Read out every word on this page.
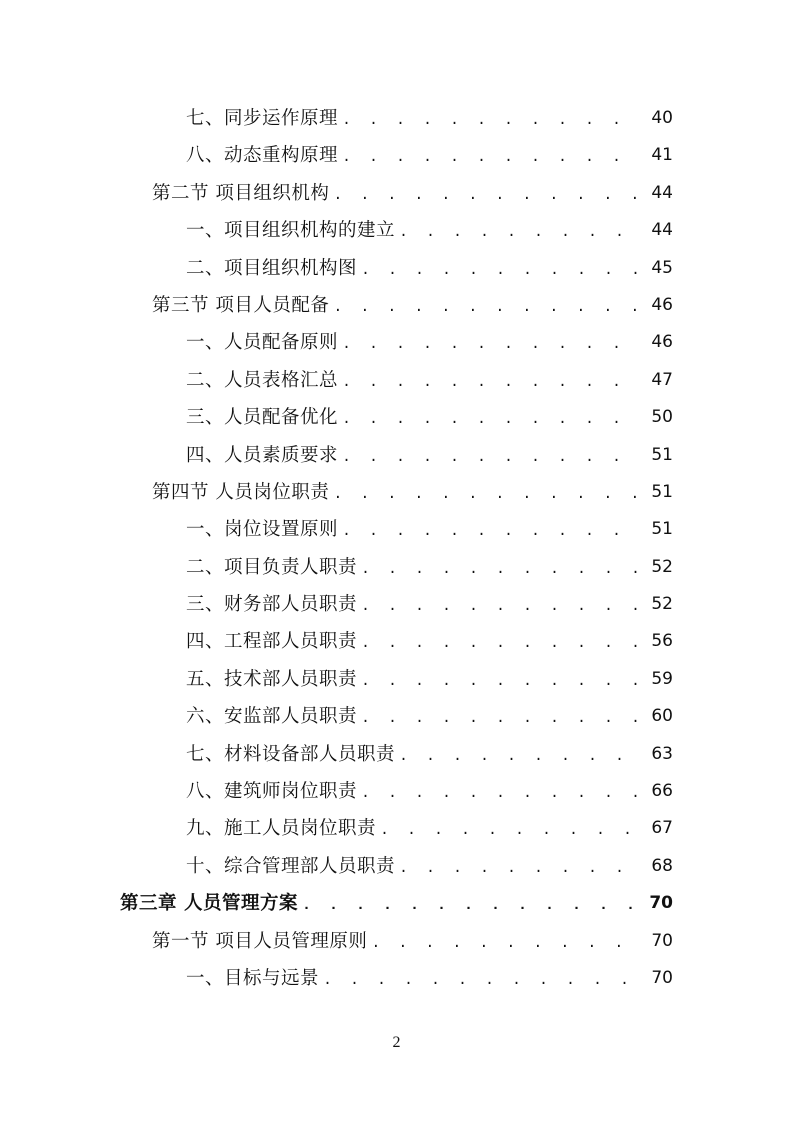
七、同步运作原理 . . .	40
八、动态重构原理 . . .	41
第二节 项目组织机构 . . .	44
一、项目组织机构的建立 . . .	44
二、项目组织机构图 . . .	45
第三节 项目人员配备 . . .	46
一、人员配备原则 . . .	46
二、人员表格汇总 . . .	47
三、人员配备优化 . . .	50
四、人员素质要求 . . .	51
第四节 人员岗位职责 . . .	51
一、岗位设置原则 . . .	51
二、项目负责人职责 . . .	52
三、财务部人员职责 . . .	52
四、工程部人员职责 . . .	56
五、技术部人员职责 . . .	59
六、安监部人员职责 . . .	60
七、材料设备部人员职责 . . .	63
八、建筑师岗位职责 . . .	66
九、施工人员岗位职责 . . .	67
十、综合管理部人员职责 . . .	68
第三章 人员管理方案 . . .	70
第一节 项目人员管理原则 . . .	70
一、目标与远景 . . .	70
2
